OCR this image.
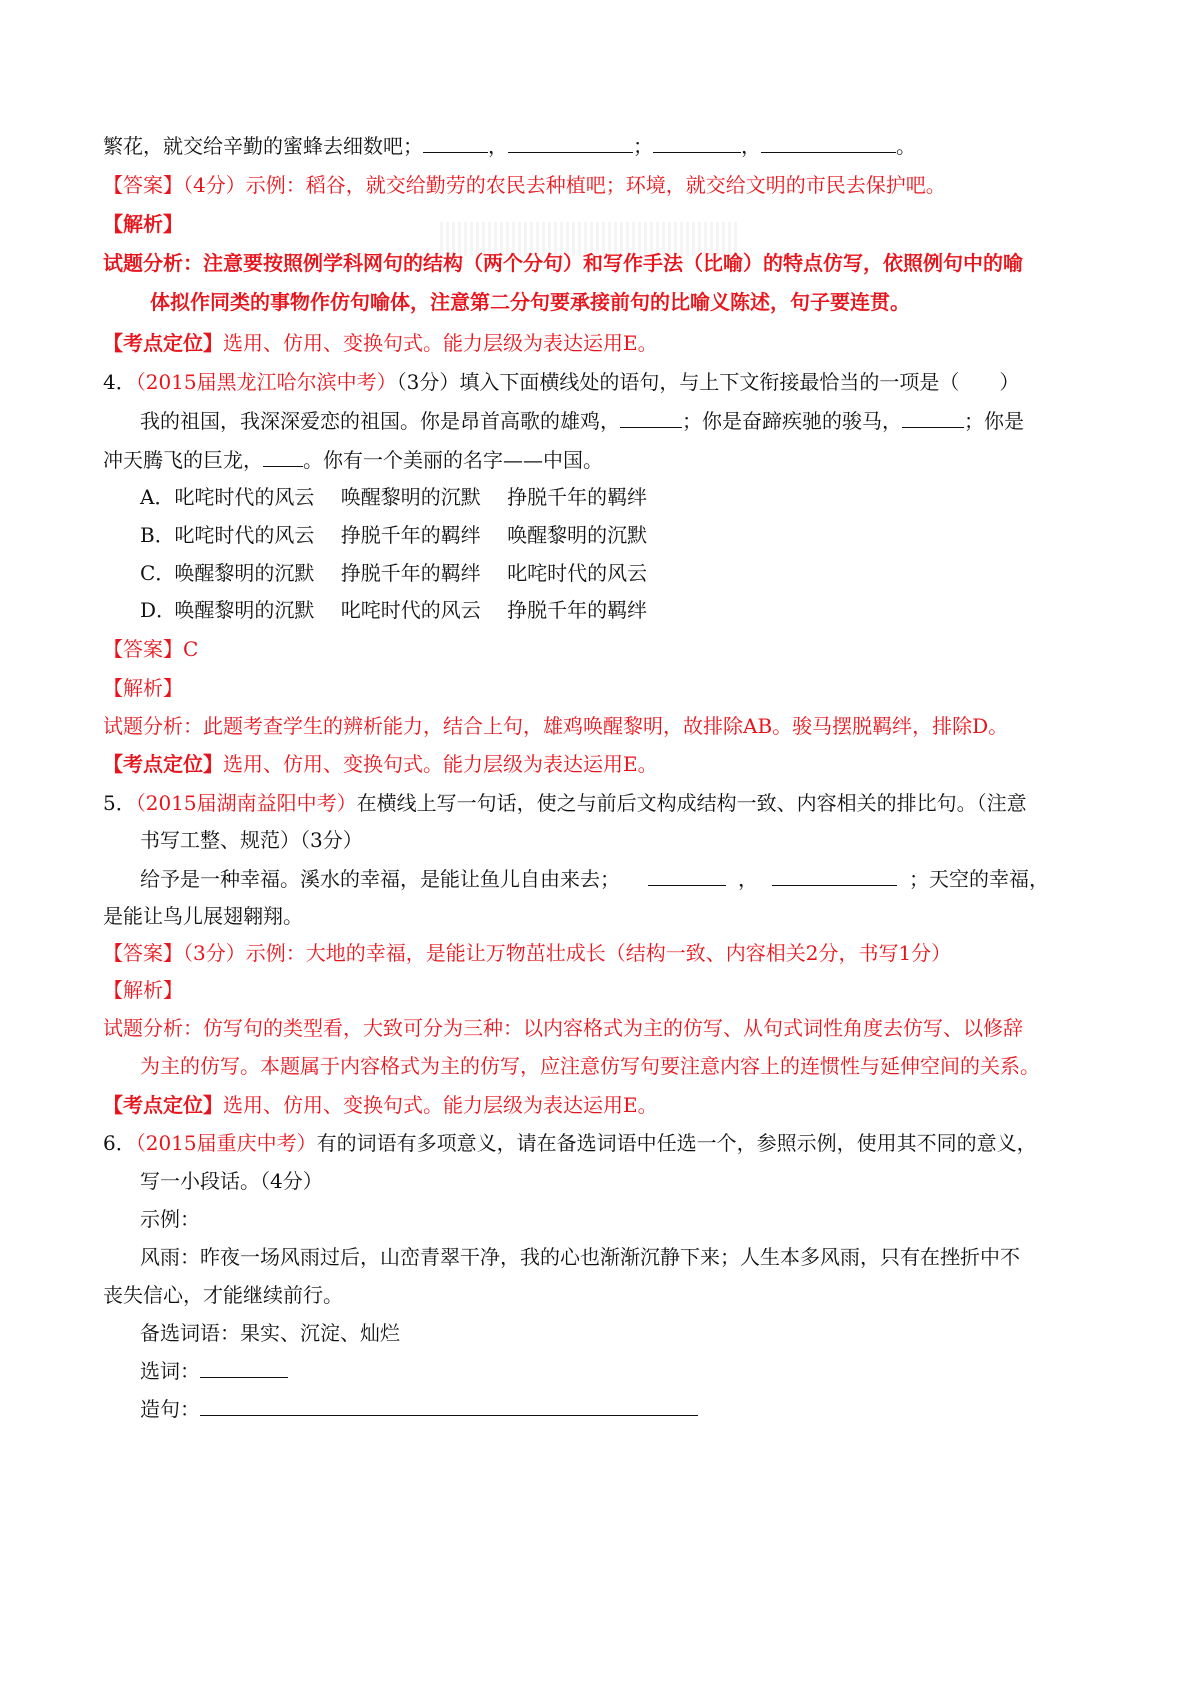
繁花，就交给辛勤的蜜蜂去细数吧；	，	；	，	。
【答案】（4分）示例：稻谷，就交给勤劳的农民去种植吧；环境，就交给文明的市民去保护吧。
【解析】
试题分析：注意要按照例学科网句的结构（两个分句）和写作手法（比喻）的特点仿写，依照例句中的喻
体拟作同类的事物作仿句喻体，注意第二分句要承接前句的比喻义陈述，句子要连贯。
【考点定位】选用、仿用、变换句式。能力层级为表达运用E。
4．（2015届黑龙江哈尔滨中考）（3分）填入下面横线处的语句，与上下文衔接最恰当的一项是（　　）
我的祖国，我深深爱恋的祖国。你是昂首高歌的雄鸡，	；你是奋蹄疾驰的骏马，	；你是
冲天腾飞的巨龙， 。你有一个美丽的名字——中国。
A． 叱咤时代的风云 唤醒黎明的沉默 挣脱千年的羁绊
B． 叱咤时代的风云 挣脱千年的羁绊 唤醒黎明的沉默
C． 唤醒黎明的沉默 挣脱千年的羁绊 叱咤时代的风云
D． 唤醒黎明的沉默 叱咤时代的风云 挣脱千年的羁绊
【答案】C
【解析】
试题分析：此题考查学生的辨析能力，结合上句，雄鸡唤醒黎明，故排除AB。骏马摆脱羁绊，排除D。
【考点定位】选用、仿用、变换句式。能力层级为表达运用E。
5．（2015届湖南益阳中考）在横线上写一句话，使之与前后文构成结构一致、内容相关的排比句。（注意
书写工整、规范）（3分）
给予是一种幸福。溪水的幸福，是能让鱼儿自由来去；	，	；天空的幸福，
是能让鸟儿展翅翱翔。
【答案】（3分）示例：大地的幸福，是能让万物茁壮成长（结构一致、内容相关2分，书写1分）
【解析】
试题分析：仿写句的类型看，大致可分为三种：以内容格式为主的仿写、从句式词性角度去仿写、以修辞
为主的仿写。本题属于内容格式为主的仿写，应注意仿写句要注意内容上的连惯性与延伸空间的关系。
【考点定位】选用、仿用、变换句式。能力层级为表达运用E。
6．（2015届重庆中考）有的词语有多项意义，请在备选词语中任选一个，参照示例，使用其不同的意义，
写一小段话。（4分）
示例：
风雨：昨夜一场风雨过后，山峦青翠干净，我的心也渐渐沉静下来；人生本多风雨，只有在挫折中不
丧失信心，才能继续前行。
备选词语：果实、沉淀、灿烂
选词：
造句：
